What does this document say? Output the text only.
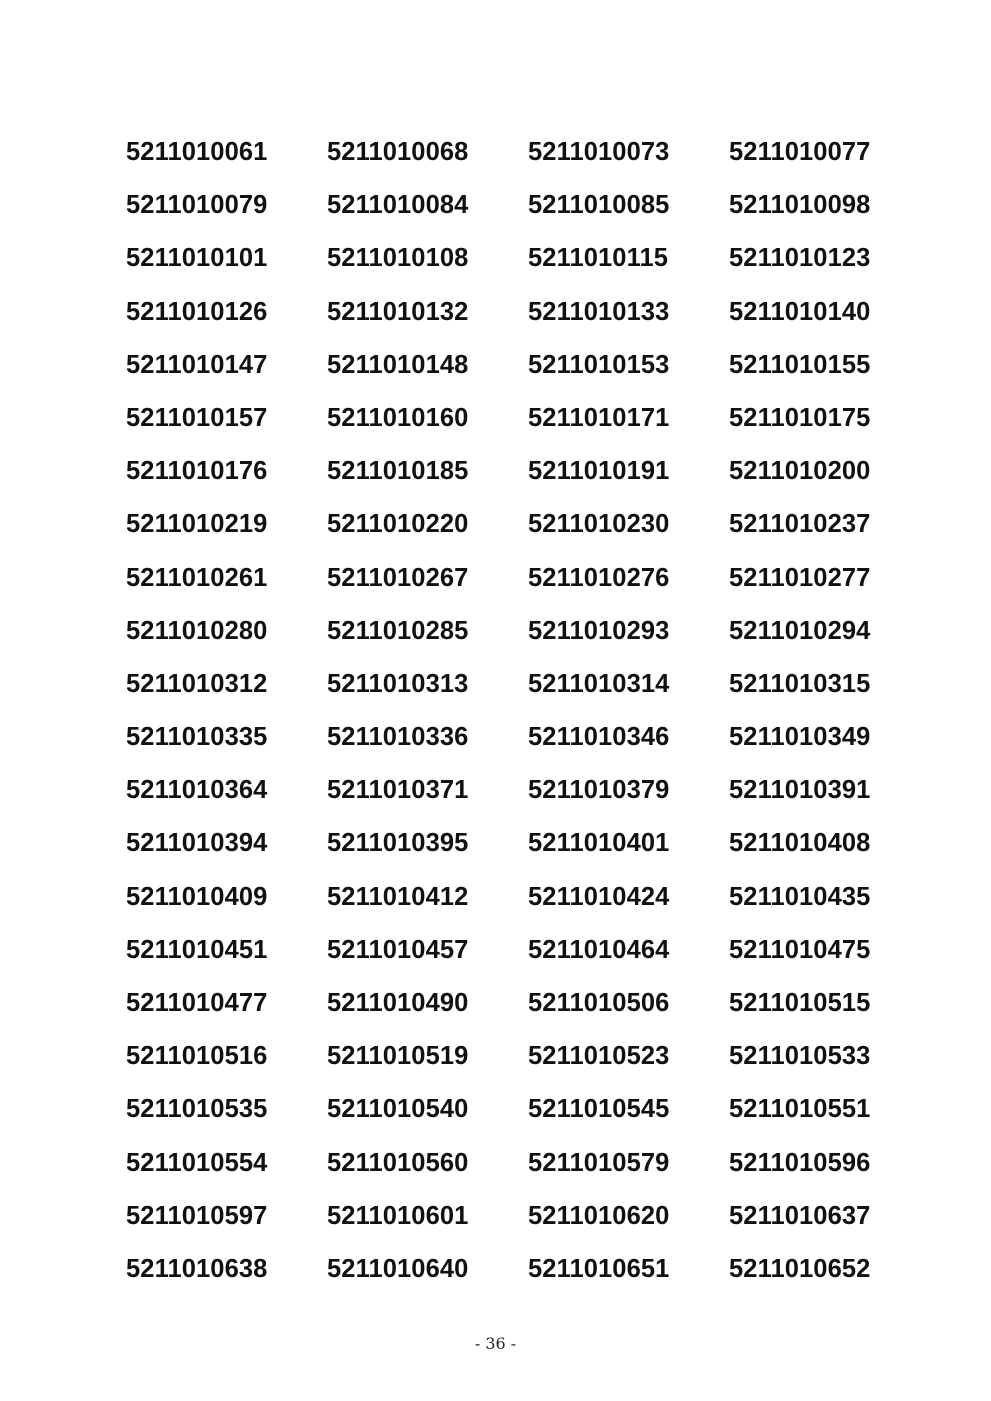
5211010061	5211010068	5211010073	5211010077
5211010079	5211010084	5211010085	5211010098
5211010101	5211010108	5211010115	5211010123
5211010126	5211010132	5211010133	5211010140
5211010147	5211010148	5211010153	5211010155
5211010157	5211010160	5211010171	5211010175
5211010176	5211010185	5211010191	5211010200
5211010219	5211010220	5211010230	5211010237
5211010261	5211010267	5211010276	5211010277
5211010280	5211010285	5211010293	5211010294
5211010312	5211010313	5211010314	5211010315
5211010335	5211010336	5211010346	5211010349
5211010364	5211010371	5211010379	5211010391
5211010394	5211010395	5211010401	5211010408
5211010409	5211010412	5211010424	5211010435
5211010451	5211010457	5211010464	5211010475
5211010477	5211010490	5211010506	5211010515
5211010516	5211010519	5211010523	5211010533
5211010535	5211010540	5211010545	5211010551
5211010554	5211010560	5211010579	5211010596
5211010597	5211010601	5211010620	5211010637
5211010638	5211010640	5211010651	5211010652
- 36 -
